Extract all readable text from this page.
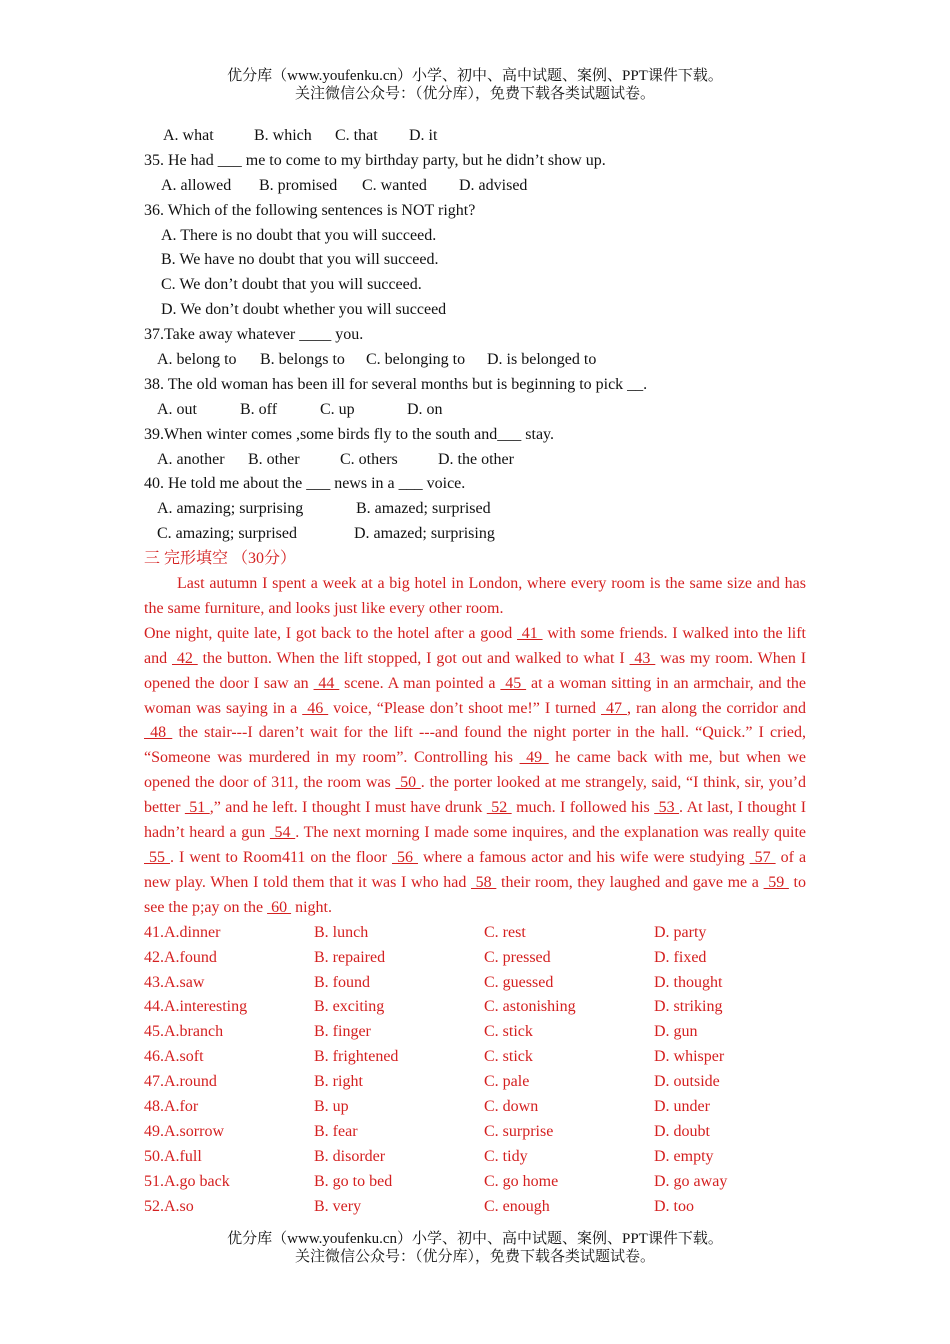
优分库（www.youfenku.cn）小学、初中、高中试题、案例、PPT课件下载。
关注微信公众号：（优分库），免费下载各类试题试卷。
A. what	B. which C. that D. it
35. He had ___ me to come to my birthday party, but he didn’t show up.
A. allowed B. promised C. wanted D. advised
36. Which of the following sentences is NOT right?
A. There is no doubt that you will succeed.
B. We have no doubt that you will succeed.
C. We don’t doubt that you will succeed.
D. We don’t doubt whether you will succeed
37.Take away whatever ____ you.
A. belong to B. belongs to C. belonging to D. is belonged to
38. The old woman has been ill for several months but is beginning to pick __.
A. out	B. off	C. up	D. on
39.When winter comes ,some birds fly to the south and___ stay.
A. another B. other	C. others	D. the other
40. He told me about the ___ news in a ___ voice.
A. amazing; surprising	B. amazed; surprised
C. amazing; surprised	D. amazed; surprising
三 完形填空 （30分）

Last autumn I spent a week at a big hotel in London, where every room is the same size and has the same furniture, and looks just like every other room.

One night, quite late, I got back to the hotel after a good  41  with some friends. I walked into the lift and  42  the button. When the lift stopped, I got out and walked to what I  43  was my room. When I opened the door I saw an  44  scene. A man pointed a  45  at a woman sitting in an armchair, and the woman was saying in a  46  voice, “Please don’t shoot me!” I turned  47 , ran along the corridor and  48  the stair---I daren’t wait for the lift ---and found the night porter in the hall. “Quick.” I cried, “Someone was murdered in my room”. Controlling his  49  he came back with me, but when we opened the door of 311, the room was  50 . the porter looked at me strangely, said, “I think, sir, you’d better  51 ,” and he left. I thought I must have drunk  52  much. I followed his  53 . At last, I thought I hadn’t heard a gun  54 . The next morning I made some inquires, and the explanation was really quite  55 . I went to Room411 on the floor  56  where a famous actor and his wife were studying  57  of a new play. When I told them that it was I who had  58  their room, they laughed and gave me a  59  to see the p;ay on the  60  night.

41.A.dinner	B. lunch	C. rest	D. party
42.A.found	B. repaired	C. pressed	D. fixed
43.A.saw	B. found	C. guessed	D. thought
44.A.interesting	B. exciting	C. astonishing	D. striking
45.A.branch	B. finger	C. stick	D. gun
46.A.soft	B. frightened	C. stick	D. whisper
47.A.round	B. right	C. pale	D. outside
48.A.for	B. up	C. down	D. under
49.A.sorrow	B. fear	C. surprise	D. doubt
50.A.full	B. disorder	C. tidy	D. empty
51.A.go back	B. go to bed	C. go home	D. go away
52.A.so	B. very	C. enough	D. too
优分库（www.youfenku.cn）小学、初中、高中试题、案例、PPT课件下载。
关注微信公众号：（优分库），免费下载各类试题试卷。
